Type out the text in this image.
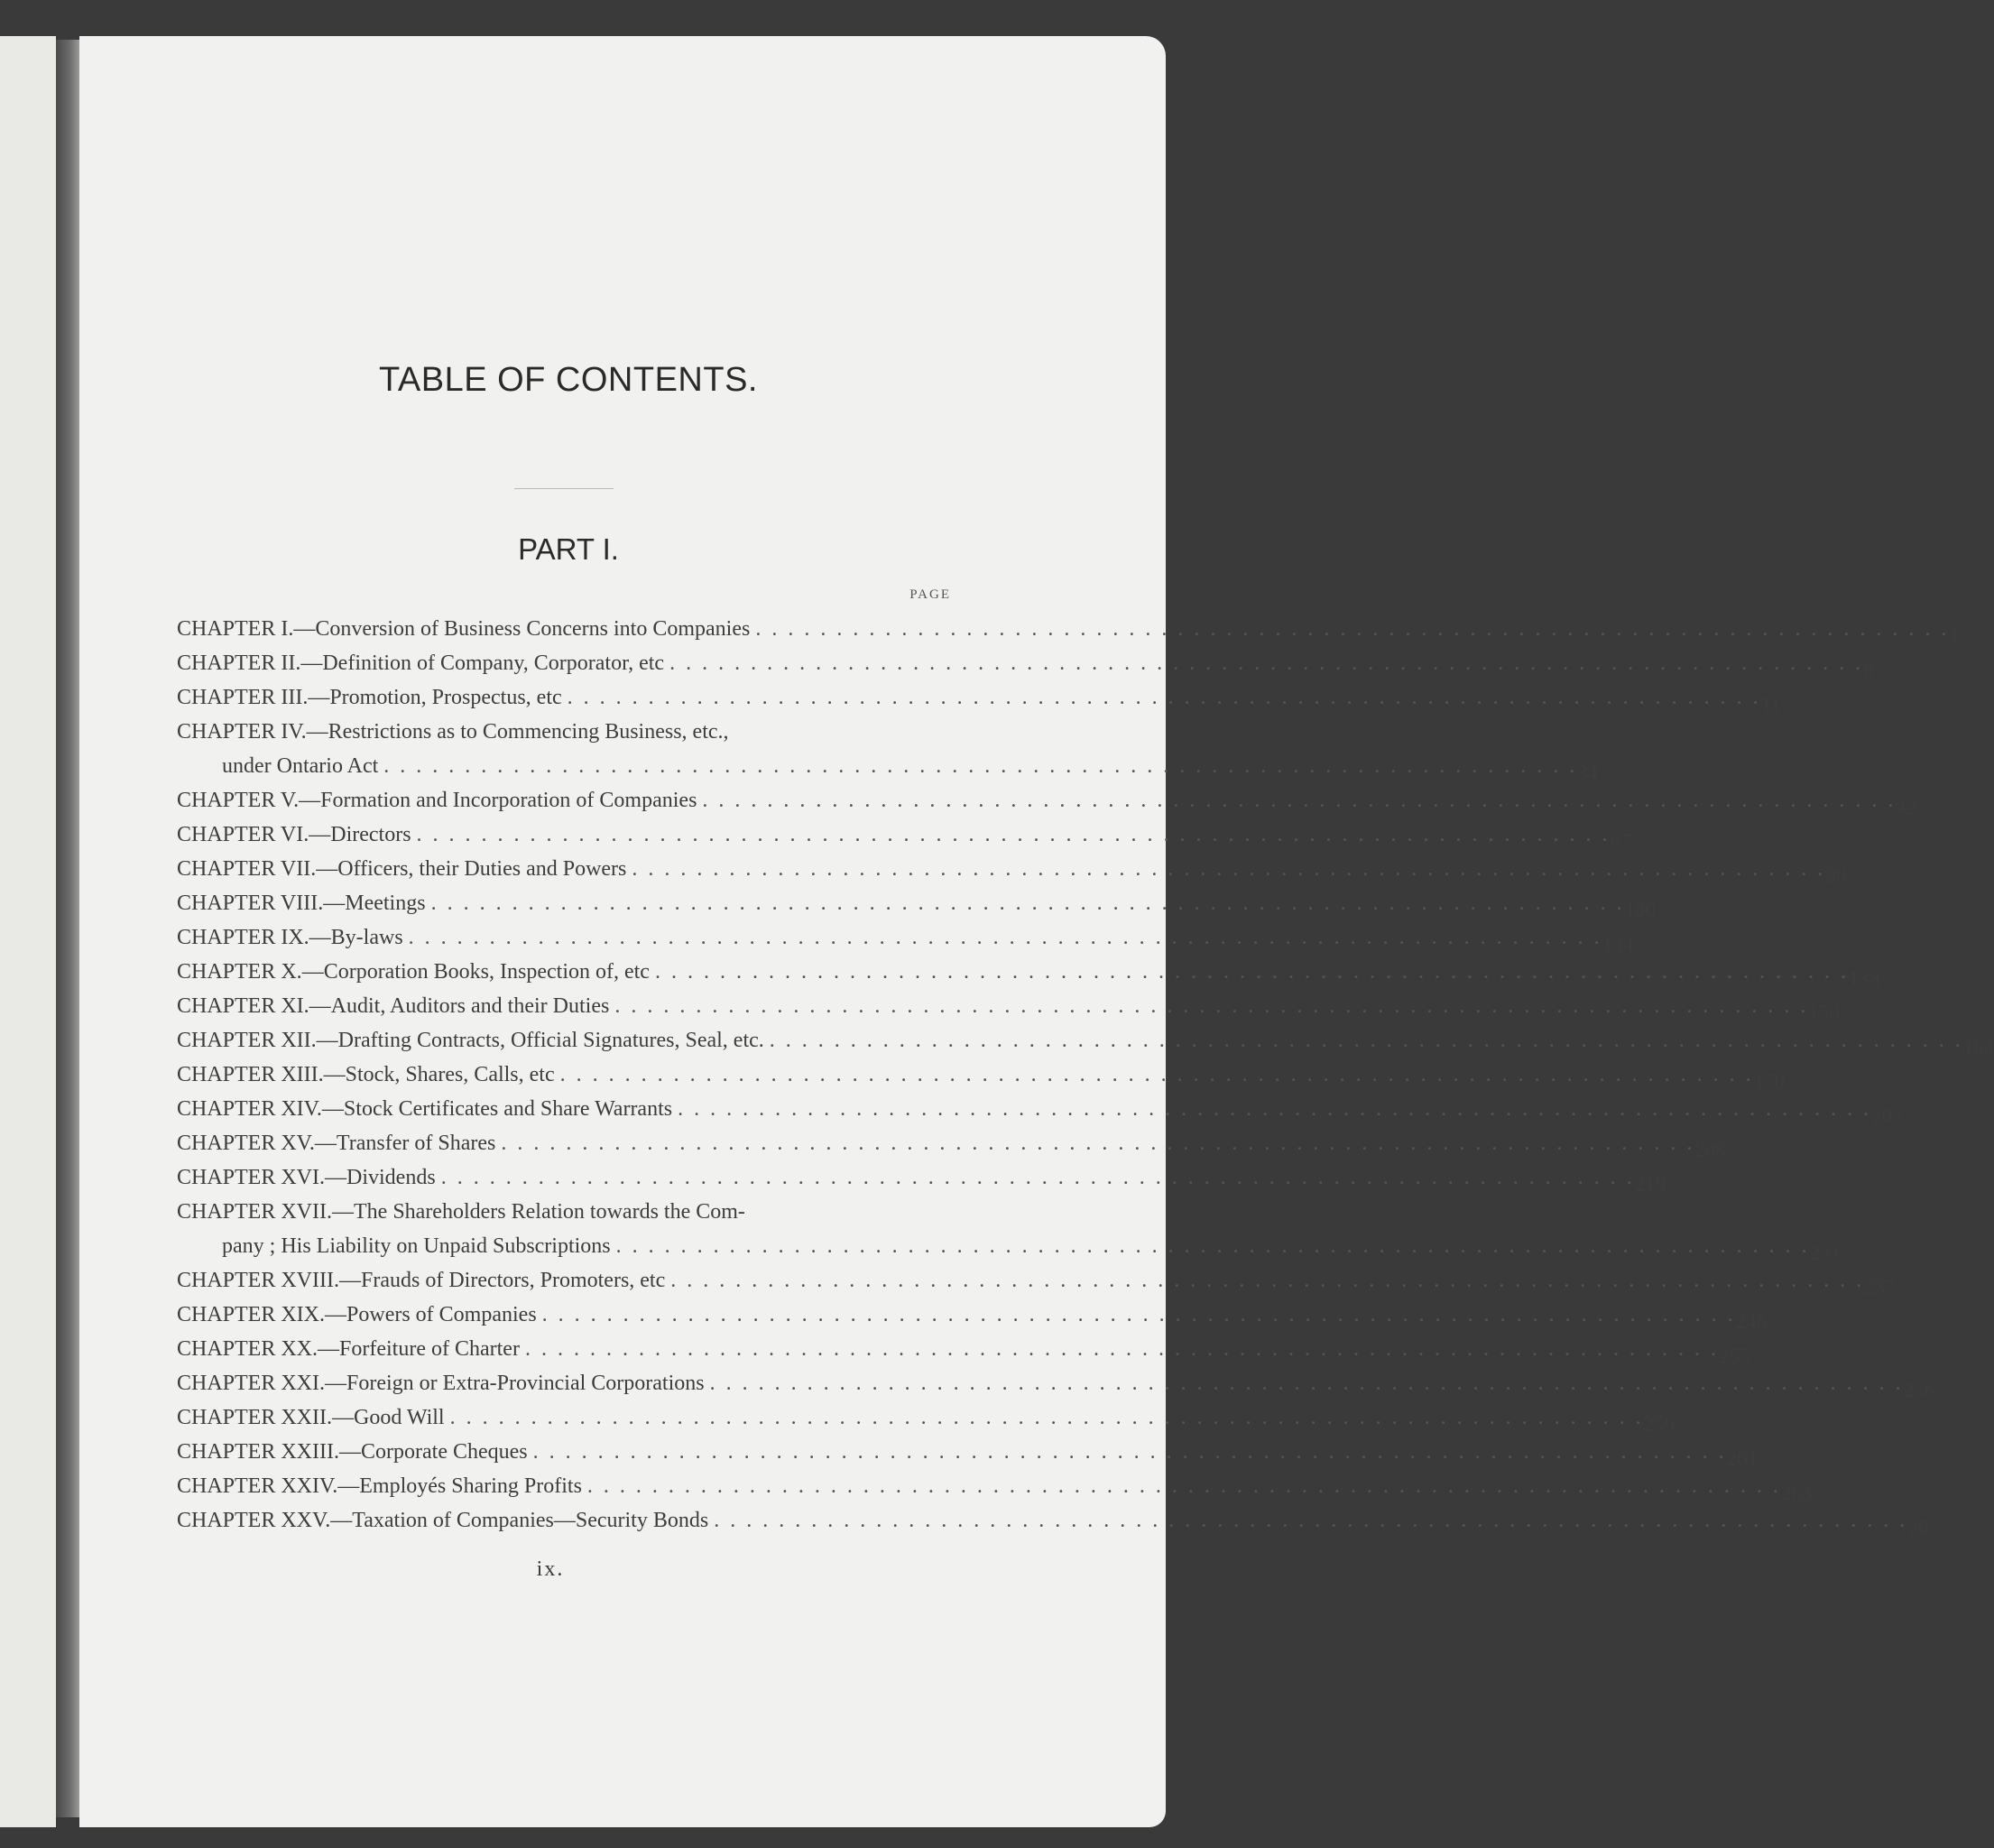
TABLE OF CONTENTS.
PART I.
PAGE
CHAPTER I. —Conversion of Business Concerns into Companies . . . . . . . . . . . . . . . . . . . . . . . . . . . . . . . . . . . . . . . . . . . . . . . . . . . . . . . . . . . . . . . . . . . . . . . . . . 1
CHAPTER II. —Definition of Company, Corporator, etc . . . . . . . . . . . . . . . . . . . . . . . . . . . . . . . . . . . . . . . . . . . . . . . . . . . . . . . . . . . . . . . . . . . . . . . . . . 8
CHAPTER III. —Promotion, Prospectus, etc . . . . . . . . . . . . . . . . . . . . . . . . . . . . . . . . . . . . . . . . . . . . . . . . . . . . . . . . . . . . . . . . . . . . . . . . . . 11
CHAPTER IV. —Restrictions as to Commencing Business, etc.,
under Ontario Act . . . . . . . . . . . . . . . . . . . . . . . . . . . . . . . . . . . . . . . . . . . . . . . . . . . . . . . . . . . . . . . . . . . . . . . . . . 34
CHAPTER V. —Formation and Incorporation of Companies . . . . . . . . . . . . . . . . . . . . . . . . . . . . . . . . . . . . . . . . . . . . . . . . . . . . . . . . . . . . . . . . . . . . . . . . . . 42
CHAPTER VI. —Directors . . . . . . . . . . . . . . . . . . . . . . . . . . . . . . . . . . . . . . . . . . . . . . . . . . . . . . . . . . . . . . . . . . . . . . . . . . 67
CHAPTER VII. —Officers, their Duties and Powers . . . . . . . . . . . . . . . . . . . . . . . . . . . . . . . . . . . . . . . . . . . . . . . . . . . . . . . . . . . . . . . . . . . . . . . . . . 90
CHAPTER VIII. —Meetings . . . . . . . . . . . . . . . . . . . . . . . . . . . . . . . . . . . . . . . . . . . . . . . . . . . . . . . . . . . . . . . . . . . . . . . . . . 100
CHAPTER IX. —By-laws . . . . . . . . . . . . . . . . . . . . . . . . . . . . . . . . . . . . . . . . . . . . . . . . . . . . . . . . . . . . . . . . . . . . . . . . . . 134
CHAPTER X. —Corporation Books, Inspection of, etc . . . . . . . . . . . . . . . . . . . . . . . . . . . . . . . . . . . . . . . . . . . . . . . . . . . . . . . . . . . . . . . . . . . . . . . . . . 138
CHAPTER XI. —Audit, Auditors and their Duties . . . . . . . . . . . . . . . . . . . . . . . . . . . . . . . . . . . . . . . . . . . . . . . . . . . . . . . . . . . . . . . . . . . . . . . . . . 150
CHAPTER XII. —Drafting Contracts, Official Signatures, Seal, etc. . . . . . . . . . . . . . . . . . . . . . . . . . . . . . . . . . . . . . . . . . . . . . . . . . . . . . . . . . . . . . . . . . . . . . . . . . . 163
CHAPTER XIII. —Stock, Shares, Calls, etc . . . . . . . . . . . . . . . . . . . . . . . . . . . . . . . . . . . . . . . . . . . . . . . . . . . . . . . . . . . . . . . . . . . . . . . . . . 170
CHAPTER XIV. —Stock Certificates and Share Warrants . . . . . . . . . . . . . . . . . . . . . . . . . . . . . . . . . . . . . . . . . . . . . . . . . . . . . . . . . . . . . . . . . . . . . . . . . . 205
CHAPTER XV. —Transfer of Shares . . . . . . . . . . . . . . . . . . . . . . . . . . . . . . . . . . . . . . . . . . . . . . . . . . . . . . . . . . . . . . . . . . . . . . . . . . 208
CHAPTER XVI. —Dividends . . . . . . . . . . . . . . . . . . . . . . . . . . . . . . . . . . . . . . . . . . . . . . . . . . . . . . . . . . . . . . . . . . . . . . . . . . 219
CHAPTER XVII. —The Shareholders Relation towards the Com-
pany ; His Liability on Unpaid Subscriptions . . . . . . . . . . . . . . . . . . . . . . . . . . . . . . . . . . . . . . . . . . . . . . . . . . . . . . . . . . . . . . . . . . . . . . . . . . 231
CHAPTER XVIII. —Frauds of Directors, Promoters, etc . . . . . . . . . . . . . . . . . . . . . . . . . . . . . . . . . . . . . . . . . . . . . . . . . . . . . . . . . . . . . . . . . . . . . . . . . . 237
CHAPTER XIX. —Powers of Companies . . . . . . . . . . . . . . . . . . . . . . . . . . . . . . . . . . . . . . . . . . . . . . . . . . . . . . . . . . . . . . . . . . . . . . . . . . 246
CHAPTER XX. —Forfeiture of Charter . . . . . . . . . . . . . . . . . . . . . . . . . . . . . . . . . . . . . . . . . . . . . . . . . . . . . . . . . . . . . . . . . . . . . . . . . . 255
CHAPTER XXI. —Foreign or Extra-Provincial Corporations . . . . . . . . . . . . . . . . . . . . . . . . . . . . . . . . . . . . . . . . . . . . . . . . . . . . . . . . . . . . . . . . . . . . . . . . . . 256
CHAPTER XXII. —Good Will . . . . . . . . . . . . . . . . . . . . . . . . . . . . . . . . . . . . . . . . . . . . . . . . . . . . . . . . . . . . . . . . . . . . . . . . . . 259
CHAPTER XXIII. —Corporate Cheques . . . . . . . . . . . . . . . . . . . . . . . . . . . . . . . . . . . . . . . . . . . . . . . . . . . . . . . . . . . . . . . . . . . . . . . . . . 261
CHAPTER XXIV. —Employés Sharing Profits . . . . . . . . . . . . . . . . . . . . . . . . . . . . . . . . . . . . . . . . . . . . . . . . . . . . . . . . . . . . . . . . . . . . . . . . . . 263
CHAPTER XXV. —Taxation of Companies—Security Bonds . . . . . . . . . . . . . . . . . . . . . . . . . . . . . . . . . . . . . . . . . . . . . . . . . . . . . . . . . . . . . . . . . . . . . . . . . . 265
ix.
